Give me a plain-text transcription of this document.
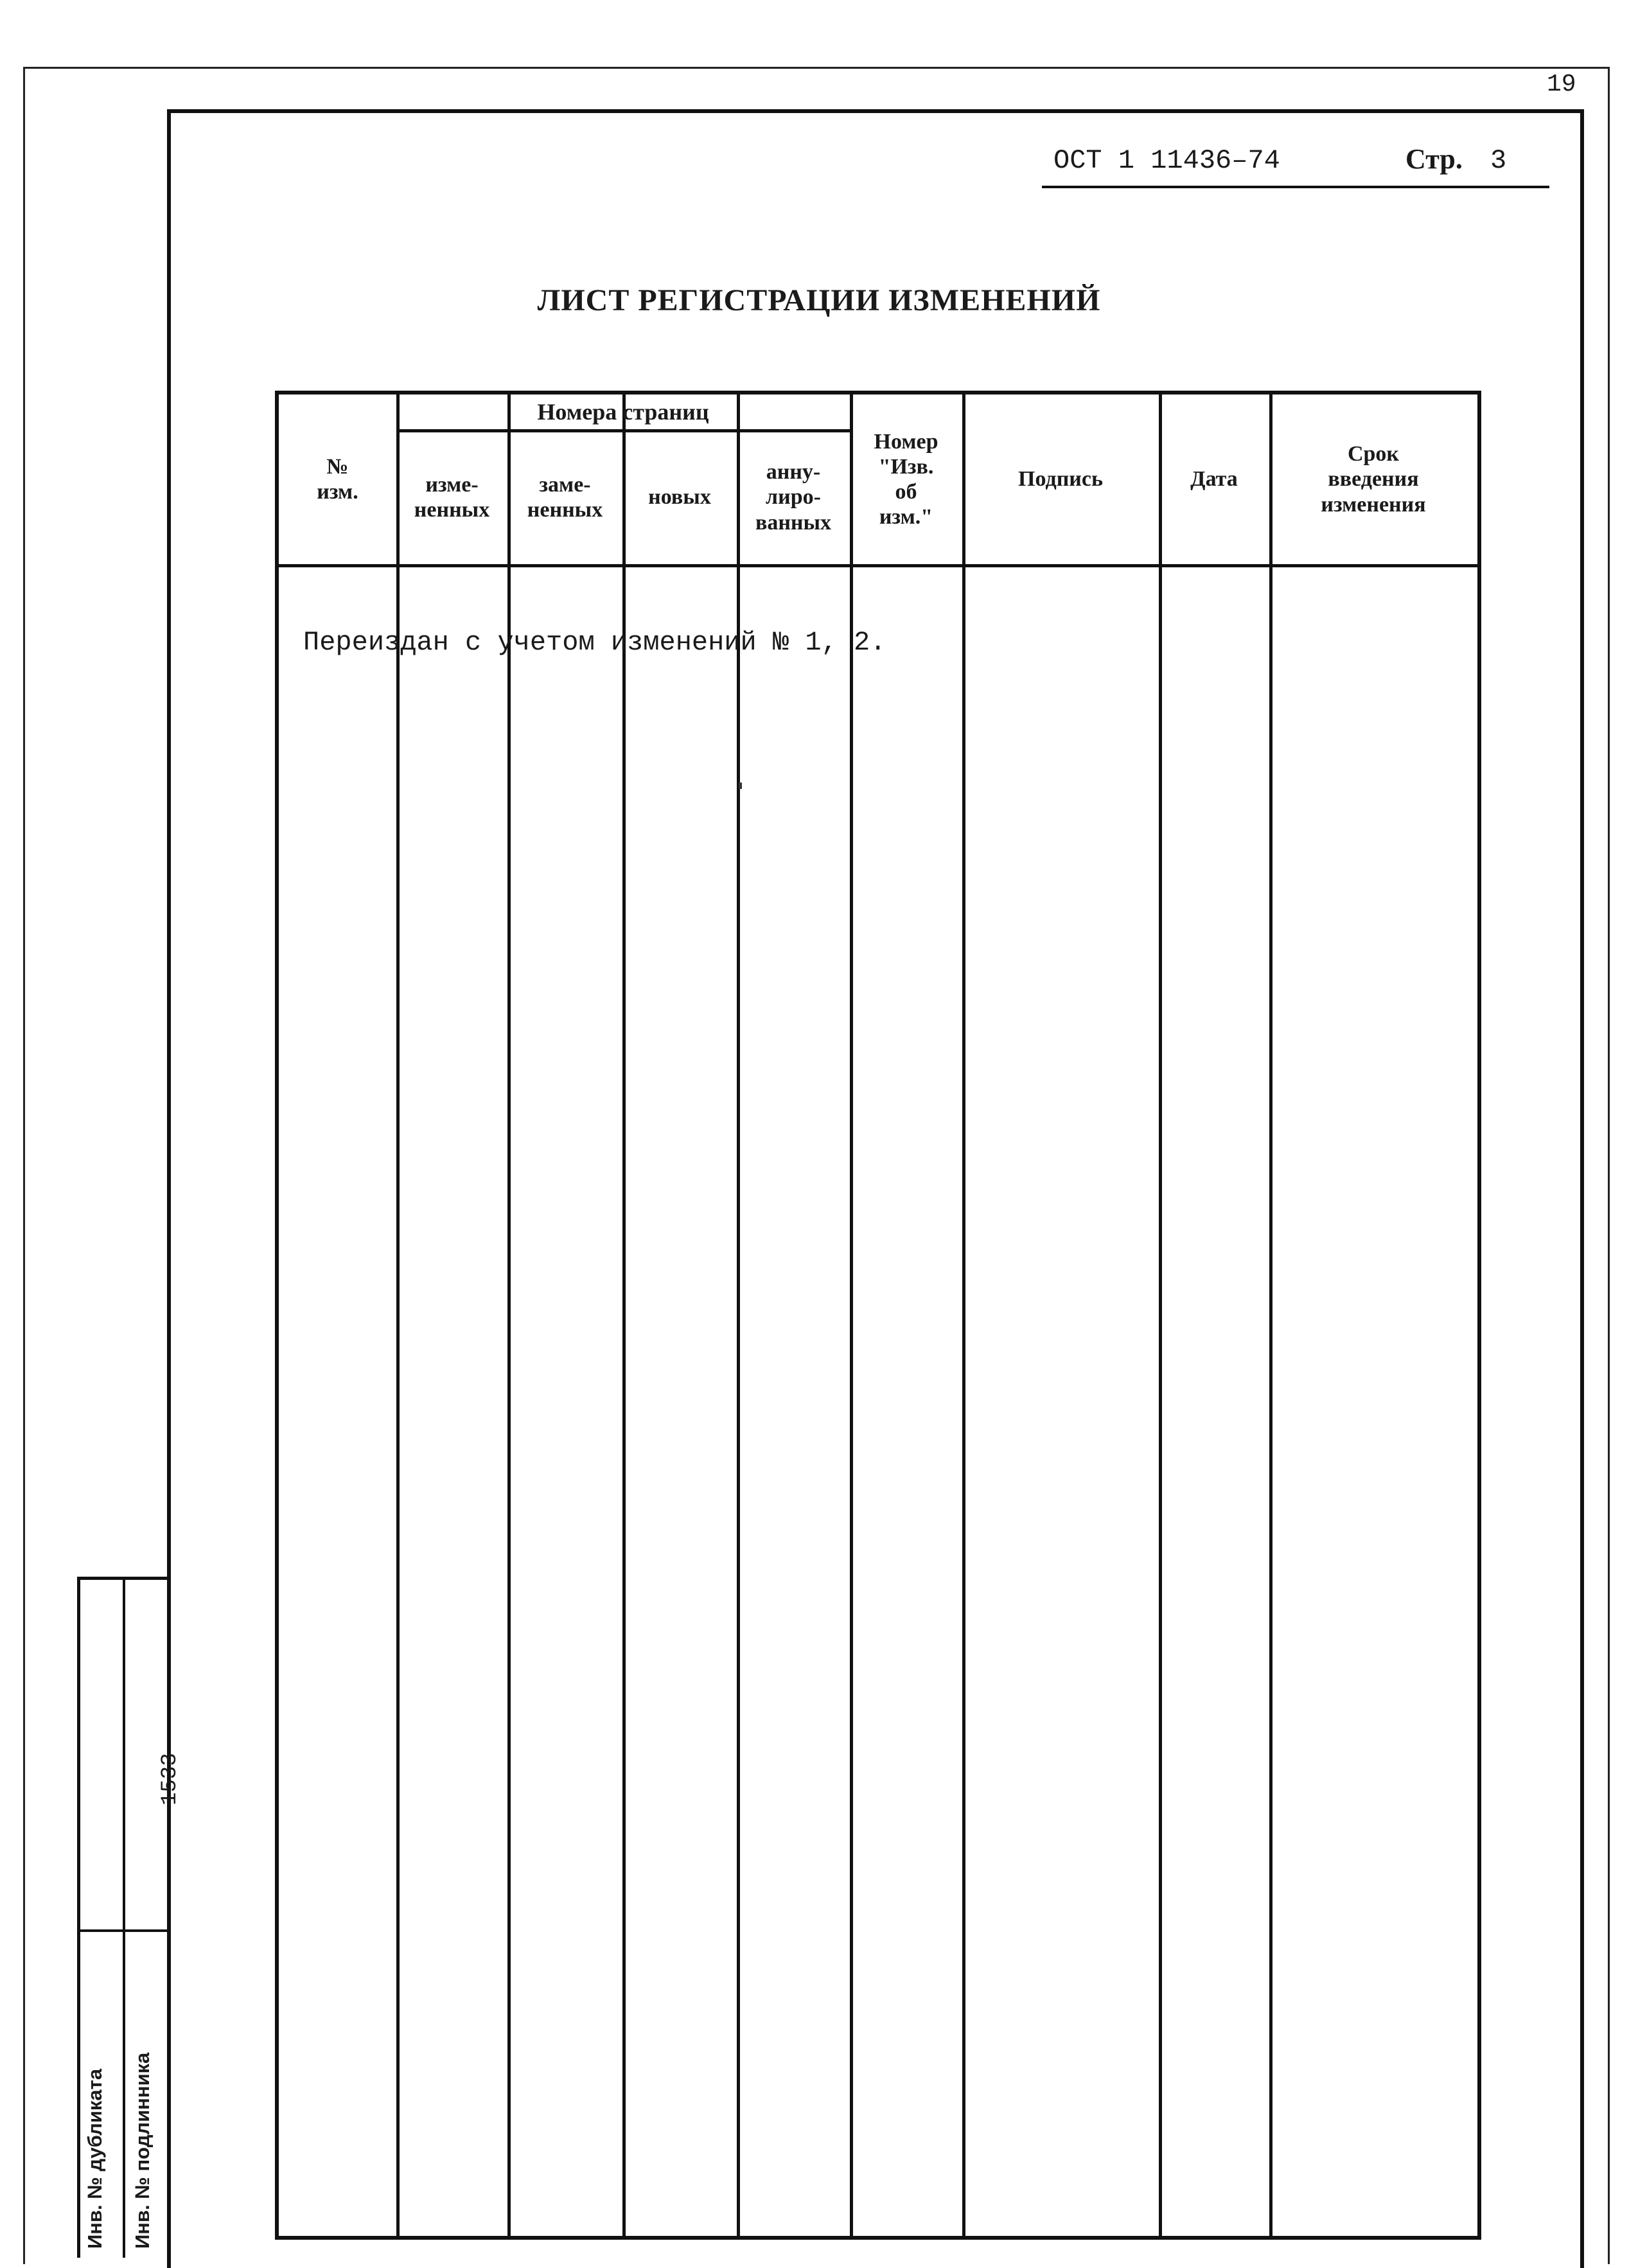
19
ОСТ 1 11436–74	Стр. 3
ЛИСТ РЕГИСТРАЦИИ ИЗМЕНЕНИЙ
№
изм.
Номера страниц
изме-
ненных
заме-
ненных
новых
анну-
лиро-
ванных
Номер
"Изв.
об
изм."
Подпись	Дата
Срок
введения
изменения
Переиздан с учетом изменений № 1, 2.
Инв. № дубликата Инв. № подлинника
1533
